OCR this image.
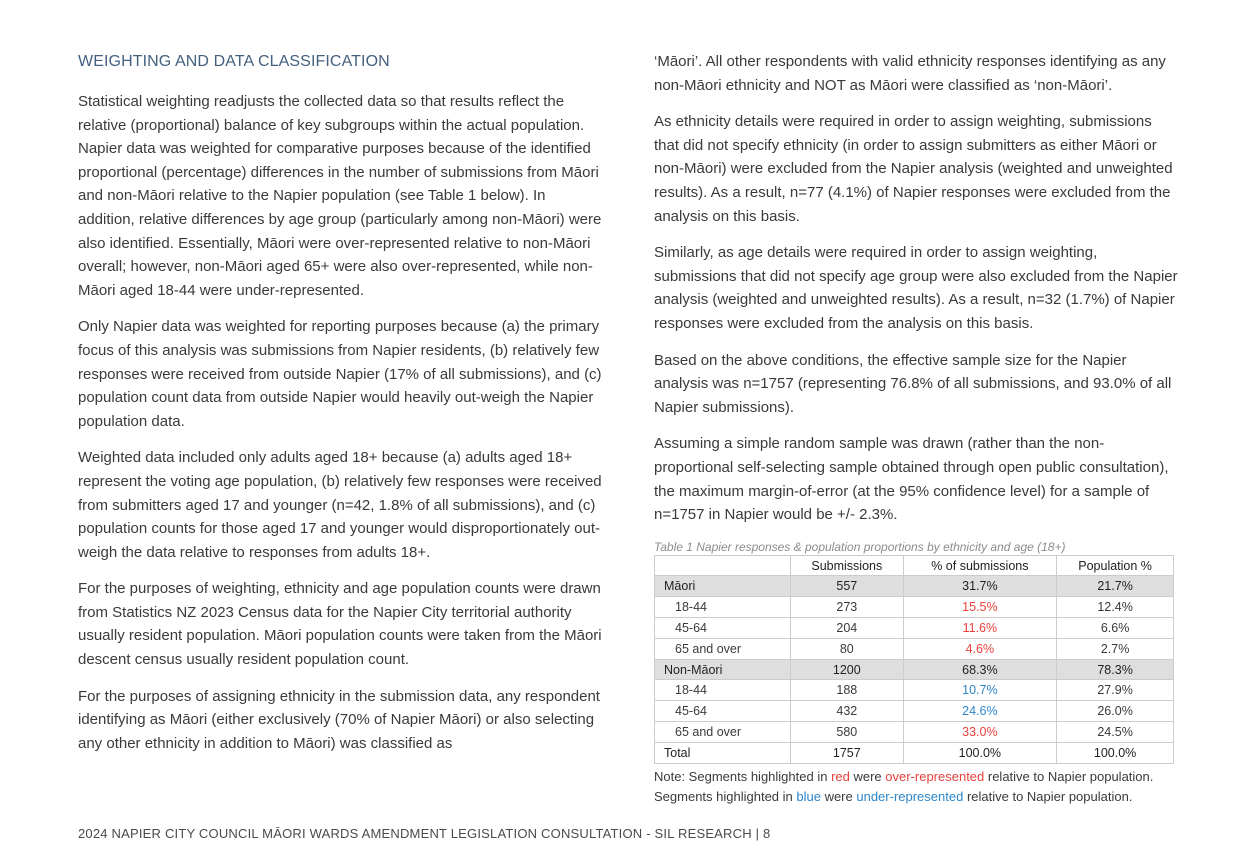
WEIGHTING AND DATA CLASSIFICATION

Statistical weighting readjusts the collected data so that results reflect the relative (proportional) balance of key subgroups within the actual population. Napier data was weighted for comparative purposes because of the identified proportional (percentage) differences in the number of submissions from Māori and non-Māori relative to the Napier population (see Table 1 below). In addition, relative differences by age group (particularly among non-Māori) were also identified. Essentially, Māori were over-represented relative to non-Māori overall; however, non-Māori aged 65+ were also over-represented, while non-Māori aged 18-44 were under-represented.

Only Napier data was weighted for reporting purposes because (a) the primary focus of this analysis was submissions from Napier residents, (b) relatively few responses were received from outside Napier (17% of all submissions), and (c) population count data from outside Napier would heavily out-weigh the Napier population data.

Weighted data included only adults aged 18+ because (a) adults aged 18+ represent the voting age population, (b) relatively few responses were received from submitters aged 17 and younger (n=42, 1.8% of all submissions), and (c) population counts for those aged 17 and younger would disproportionately out-weigh the data relative to responses from adults 18+.

For the purposes of weighting, ethnicity and age population counts were drawn from Statistics NZ 2023 Census data for the Napier City territorial authority usually resident population. Māori population counts were taken from the Māori descent census usually resident population count.

For the purposes of assigning ethnicity in the submission data, any respondent identifying as Māori (either exclusively (70% of Napier Māori) or also selecting any other ethnicity in addition to Māori) was classified as

‘Māori’. All other respondents with valid ethnicity responses identifying as any non-Māori ethnicity and NOT as Māori were classified as ‘non-Māori’.

As ethnicity details were required in order to assign weighting, submissions that did not specify ethnicity (in order to assign submitters as either Māori or non-Māori) were excluded from the Napier analysis (weighted and unweighted results). As a result, n=77 (4.1%) of Napier responses were excluded from the analysis on this basis.

Similarly, as age details were required in order to assign weighting, submissions that did not specify age group were also excluded from the Napier analysis (weighted and unweighted results). As a result, n=32 (1.7%) of Napier responses were excluded from the analysis on this basis.

Based on the above conditions, the effective sample size for the Napier analysis was n=1757 (representing 76.8% of all submissions, and 93.0% of all Napier submissions).

Assuming a simple random sample was drawn (rather than the non-proportional self-selecting sample obtained through open public consultation), the maximum margin-of-error (at the 95% confidence level) for a sample of n=1757 in Napier would be +/- 2.3%.

Table 1 Napier responses & population proportions by ethnicity and age (18+)
	Submissions	% of submissions	Population %
Māori	557	31.7%	21.7%
18-44	273	15.5%	12.4%
45-64	204	11.6%	6.6%
65 and over	80	4.6%	2.7%
Non-Māori	1200	68.3%	78.3%
18-44	188	10.7%	27.9%
45-64	432	24.6%	26.0%
65 and over	580	33.0%	24.5%
Total	1757	100.0%	100.0%
Note: Segments highlighted in red were over-represented relative to Napier population.
Segments highlighted in blue were under-represented relative to Napier population.
2024 NAPIER CITY COUNCIL MĀORI WARDS AMENDMENT LEGISLATION CONSULTATION - SIL RESEARCH | 8
